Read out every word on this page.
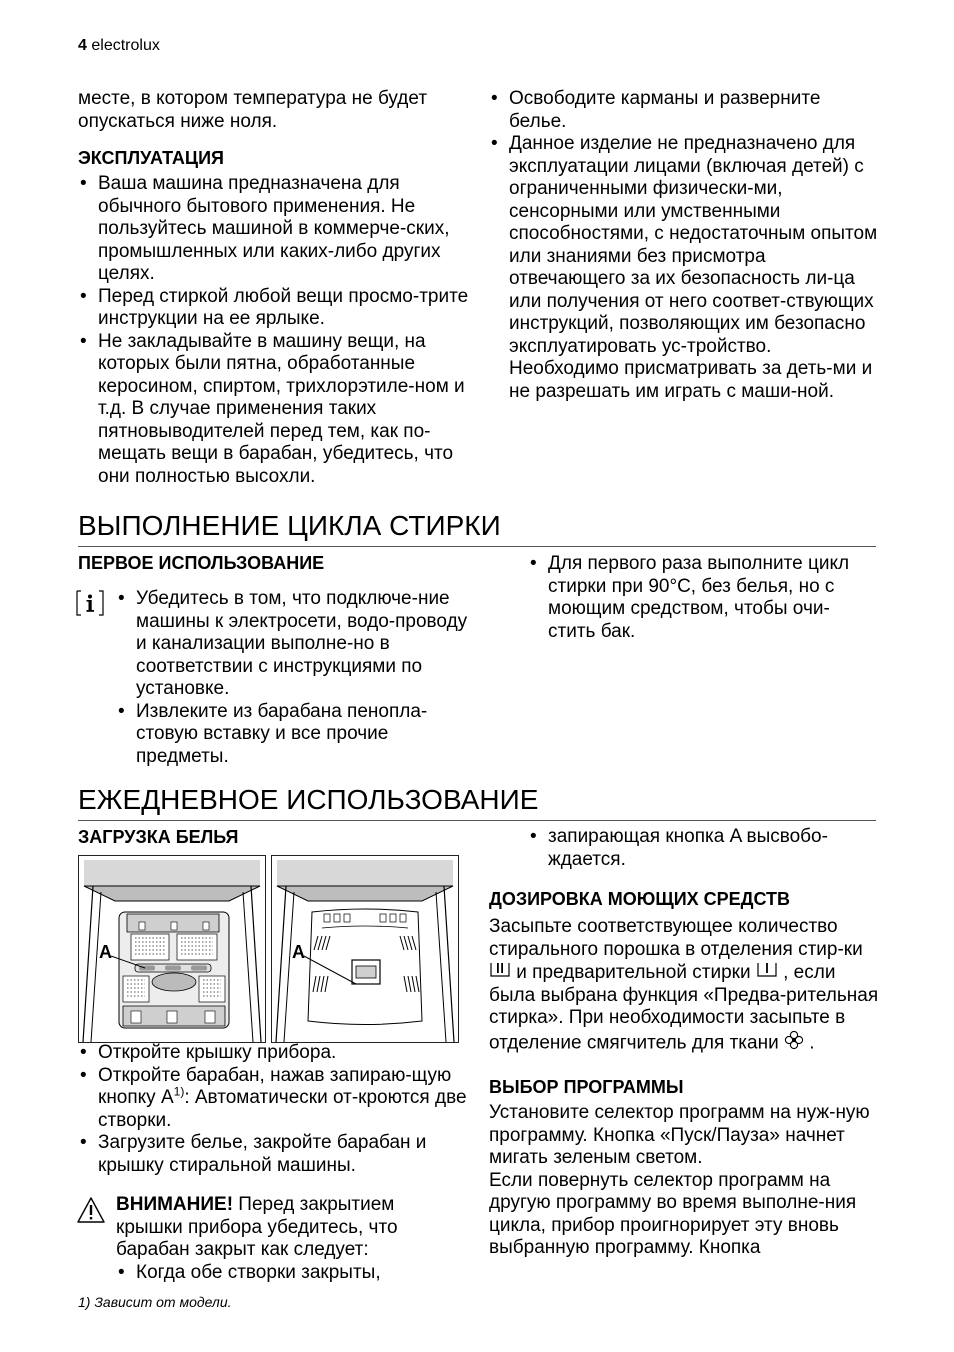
4 electrolux

месте, в котором температура не будет опускаться ниже ноля.

ЭКСПЛУАТАЦИЯ

• Ваша машина предназначена для обычного бытового применения. Не пользуйтесь машиной в коммерче-ских, промышленных или каких-либо других целях.
• Перед стиркой любой вещи просмо-трите инструкции на ее ярлыке.
• Не закладывайте в машину вещи, на которых были пятна, обработанные керосином, спиртом, трихлорэтиле-ном и т.д. В случае применения таких пятновыводителей перед тем, как по-мещать вещи в барабан, убедитесь, что они полностью высохли.
• Освободите карманы и разверните белье.
• Данное изделие не предназначено для эксплуатации лицами (включая детей) с ограниченными физически-ми, сенсорными или умственными способностями, с недостаточным опытом или знаниями без присмотра отвечающего за их безопасность ли-ца или получения от него соответ-ствующих инструкций, позволяющих им безопасно эксплуатировать ус-тройство.

Необходимо присматривать за деть-ми и не разрешать им играть с маши-ной.

ВЫПОЛНЕНИЕ ЦИКЛА СТИРКИ
ПЕРВОЕ ИСПОЛЬЗОВАНИЕ
• Убедитесь в том, что подключе-ние машины к электросети, водо-проводу и канализации выполне-но в соответствии с инструкциями по установке.
• Извлеките из барабана пенопла-стовую вставку и все прочие предметы.
• Для первого раза выполните цикл стирки при 90°C, без белья, но с моющим средством, чтобы очи-стить бак.
ЕЖЕДНЕВНОЕ ИСПОЛЬЗОВАНИЕ
ЗАГРУЗКА БЕЛЬЯ
A	A
• Откройте крышку прибора.
• Откройте барабан, нажав запираю-щую кнопку $A^{1)}$: Автоматически от-кроются две створки.
• Загрузите белье, закройте барабан и крышку стиральной машины.

ВНИМАНИЕ! Перед закрытием крышки прибора убедитесь, что барабан закрыт как следует:

• Когда обе створки закрыты,
• запирающая кнопка A высвобо-ждается.

ДОЗИРОВКА МОЮЩИХ СРЕДСТВ

Засыпьте соответствующее количество стирального порошка в отделения стир-ки  и предварительной стирки  , если была выбрана функция «Предва-рительная стирка». При необходимости засыпьте в отделение смягчитель для ткани  .

ВЫБОР ПРОГРАММЫ

Установите селектор программ на нуж-ную программу. Кнопка «Пуск/Пауза» начнет мигать зеленым светом.

Если повернуть селектор программ на другую программу во время выполне-ния цикла, прибор проигнорирует эту вновь выбранную программу. Кнопка

1) Зависит от модели.
